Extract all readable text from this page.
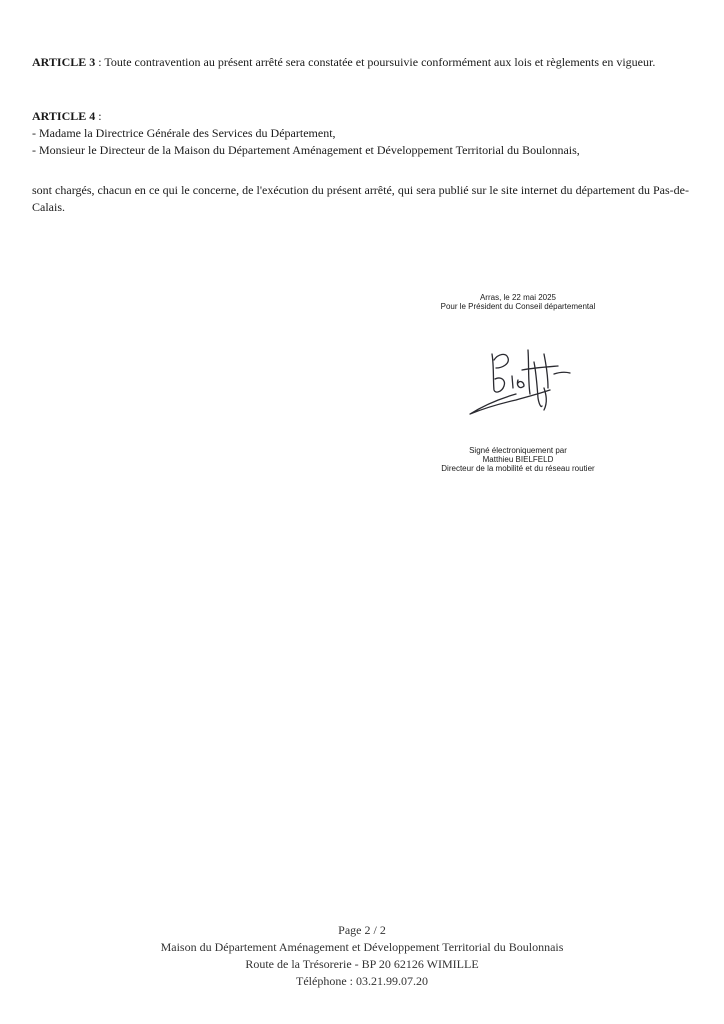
ARTICLE 3 : Toute contravention au présent arrêté sera constatée et poursuivie conformément aux lois et règlements en vigueur.

ARTICLE 4 :

- Madame la Directrice Générale des Services du Département,

- Monsieur le Directeur de la Maison du Département Aménagement et Développement Territorial du Boulonnais,

sont chargés, chacun en ce qui le concerne, de l'exécution du présent arrêté, qui sera publié sur le site internet du département du Pas-de-Calais.

Arras, le 22 mai 2025
Pour le Président du Conseil départemental
Signé électroniquement par
Matthieu BIELFELD
Directeur de la mobilité et du réseau routier
Page 2 / 2
Maison du Département Aménagement et Développement Territorial du Boulonnais
Route de la Trésorerie - BP 20 62126 WIMILLE
Téléphone : 03.21.99.07.20
